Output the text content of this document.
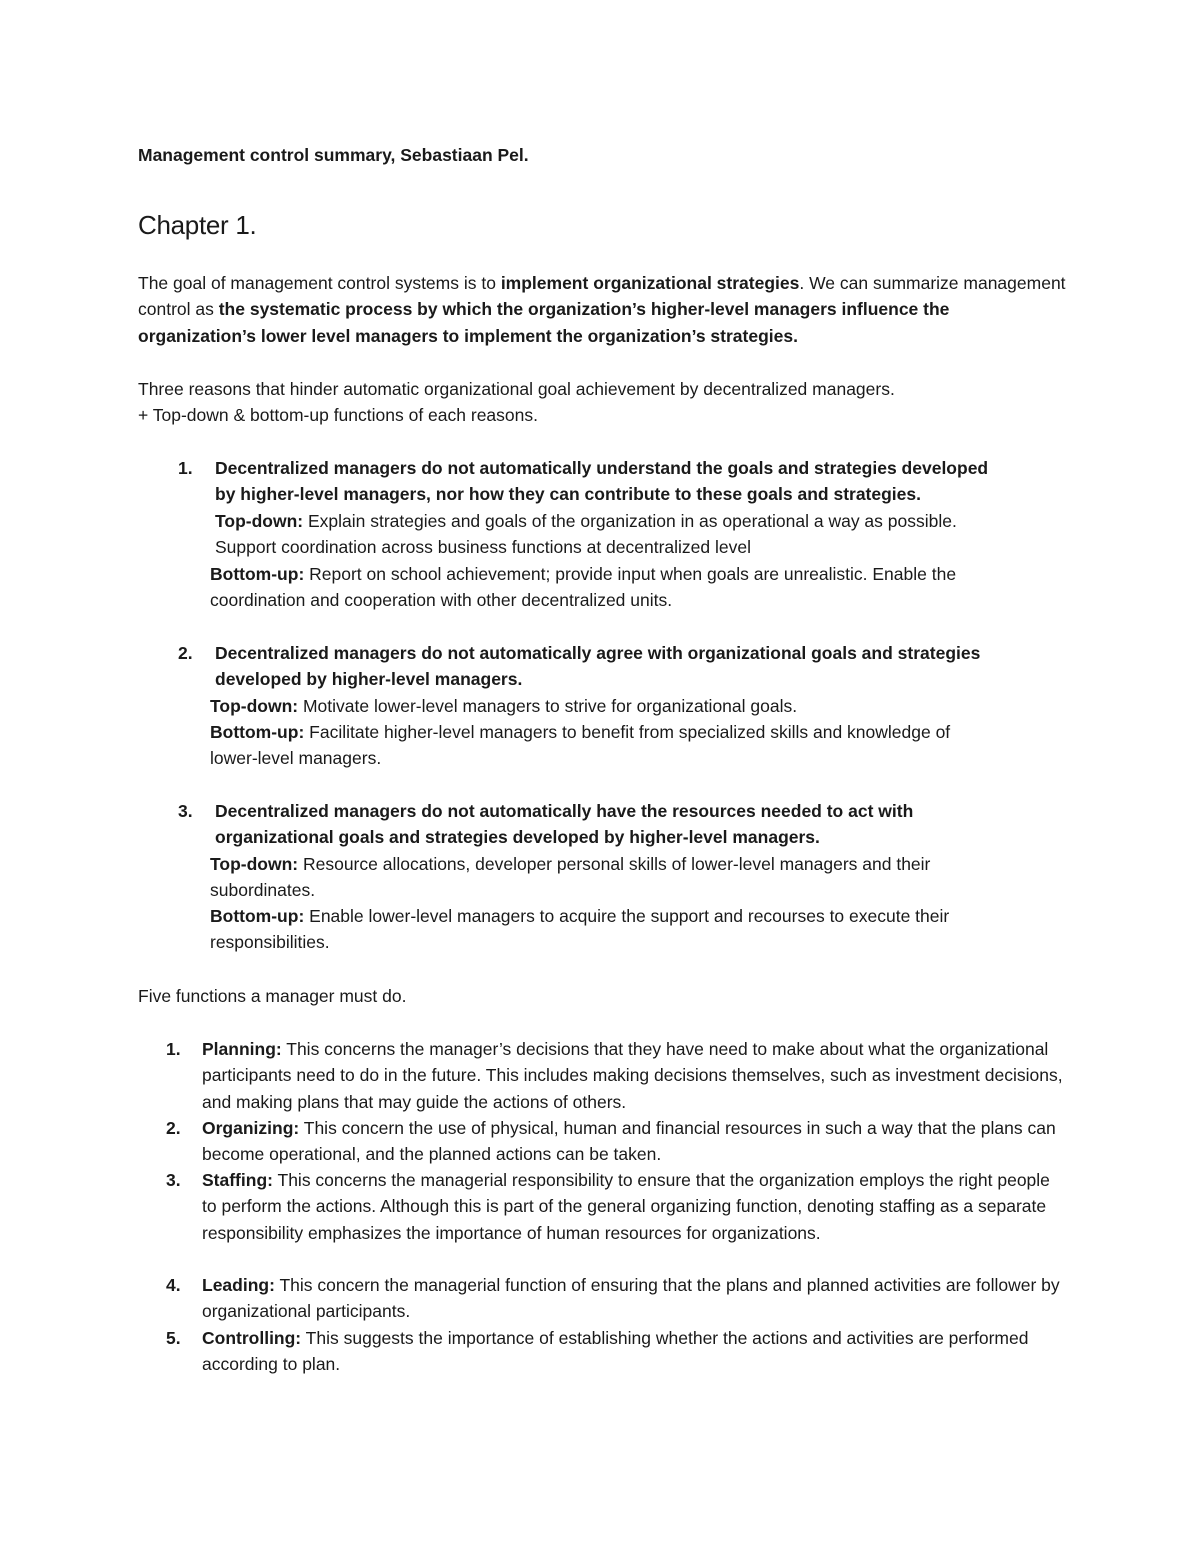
Management control summary, Sebastiaan Pel.
Chapter 1.

The goal of management control systems is to implement organizational strategies. We can summarize management control as the systematic process by which the organization’s higher-level managers influence the organization’s lower level managers to implement the organization’s strategies.

Three reasons that hinder automatic organizational goal achievement by decentralized managers.

+ Top-down & bottom-up functions of each reasons.

1. Decentralized managers do not automatically understand the goals and strategies developed
by higher-level managers, nor how they can contribute to these goals and strategies.
Top-down: Explain strategies and goals of the organization in as operational a way as possible.
Support coordination across business functions at decentralized level
Bottom-up: Report on school achievement; provide input when goals are unrealistic. Enable the
coordination and cooperation with other decentralized units.
2. Decentralized managers do not automatically agree with organizational goals and strategies
developed by higher-level managers.
Top-down: Motivate lower-level managers to strive for organizational goals.
Bottom-up: Facilitate higher-level managers to benefit from specialized skills and knowledge of
lower-level managers.
3. Decentralized managers do not automatically have the resources needed to act with
organizational goals and strategies developed by higher-level managers.
Top-down: Resource allocations, developer personal skills of lower-level managers and their
subordinates.
Bottom-up: Enable lower-level managers to acquire the support and recourses to execute their
responsibilities.
Five functions a manager must do.
1. Planning: This concerns the manager’s decisions that they have need to make about what the organizational participants need to do in the future. This includes making decisions themselves, such as investment decisions, and making plans that may guide the actions of others.
2. Organizing: This concern the use of physical, human and financial resources in such a way that the plans can become operational, and the planned actions can be taken.
3. Staffing: This concerns the managerial responsibility to ensure that the organization employs the right people to perform the actions. Although this is part of the general organizing function, denoting staffing as a separate responsibility emphasizes the importance of human resources for organizations.
4. Leading: This concern the managerial function of ensuring that the plans and planned activities are follower by organizational participants.
5. Controlling: This suggests the importance of establishing whether the actions and activities are performed according to plan.
